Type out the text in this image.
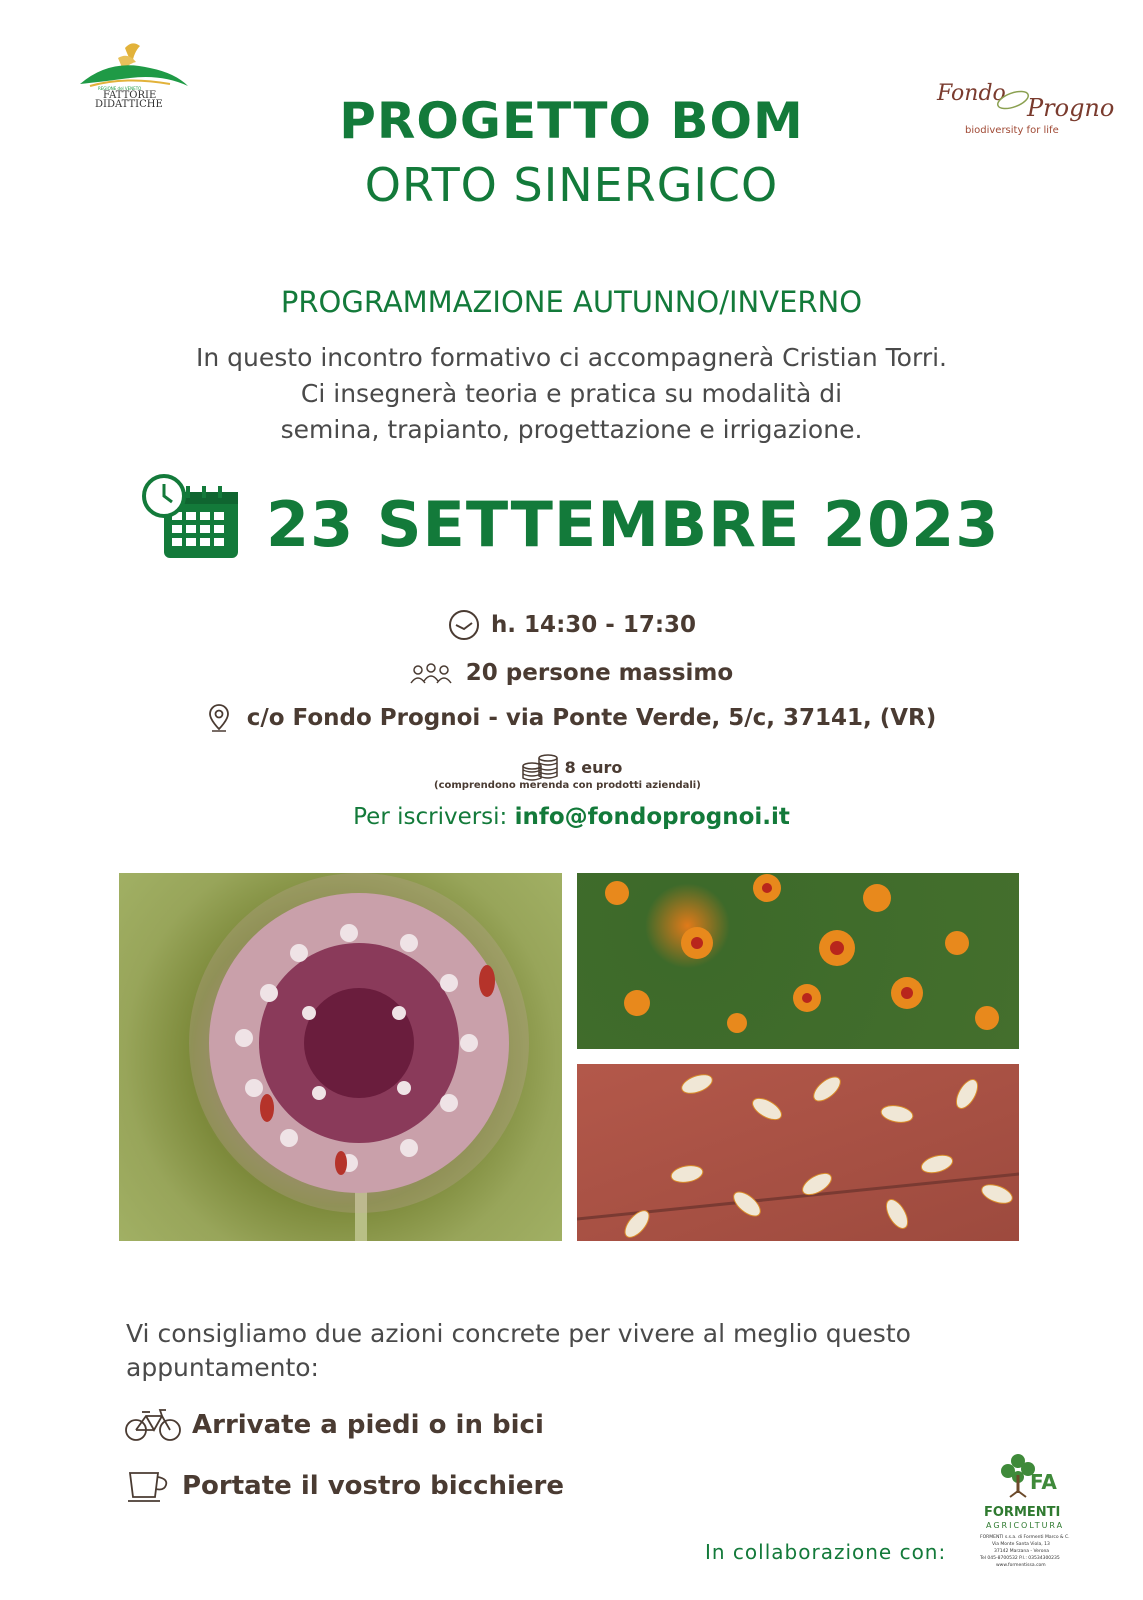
REGIONE del VENETO
FATTORIE
DIDATTICHE	Fondo
Prognoi
biodiversity for life
PROGETTO BOM
ORTO SINERGICO
PROGRAMMAZIONE AUTUNNO/INVERNO
In questo incontro formativo ci accompagnerà Cristian Torri.
Ci insegnerà teoria e pratica su modalità di
semina, trapianto, progettazione e irrigazione.
23 SETTEMBRE 2023
h. 14:30 - 17:30
20 persone massimo
c/o Fondo Prognoi - via Ponte Verde, 5/c, 37141, (VR)
8 euro
(comprendono merenda con prodotti aziendali)
Per iscriversi: info@fondoprognoi.it
Vi consigliamo due azioni concrete per vivere al meglio questo
appuntamento:
Arrivate a piedi o in bici
Portate il vostro bicchiere
In collaborazione con:
FA
FORMENTI
AGRICOLTURA
FORMENTI s.s.a. di Formenti Marco & C.
Via Monte Santa Viola, 13
37142 Marzana - Verona
Tel 045-8700532 P.I.: 03534300235
www.formentissa.com
